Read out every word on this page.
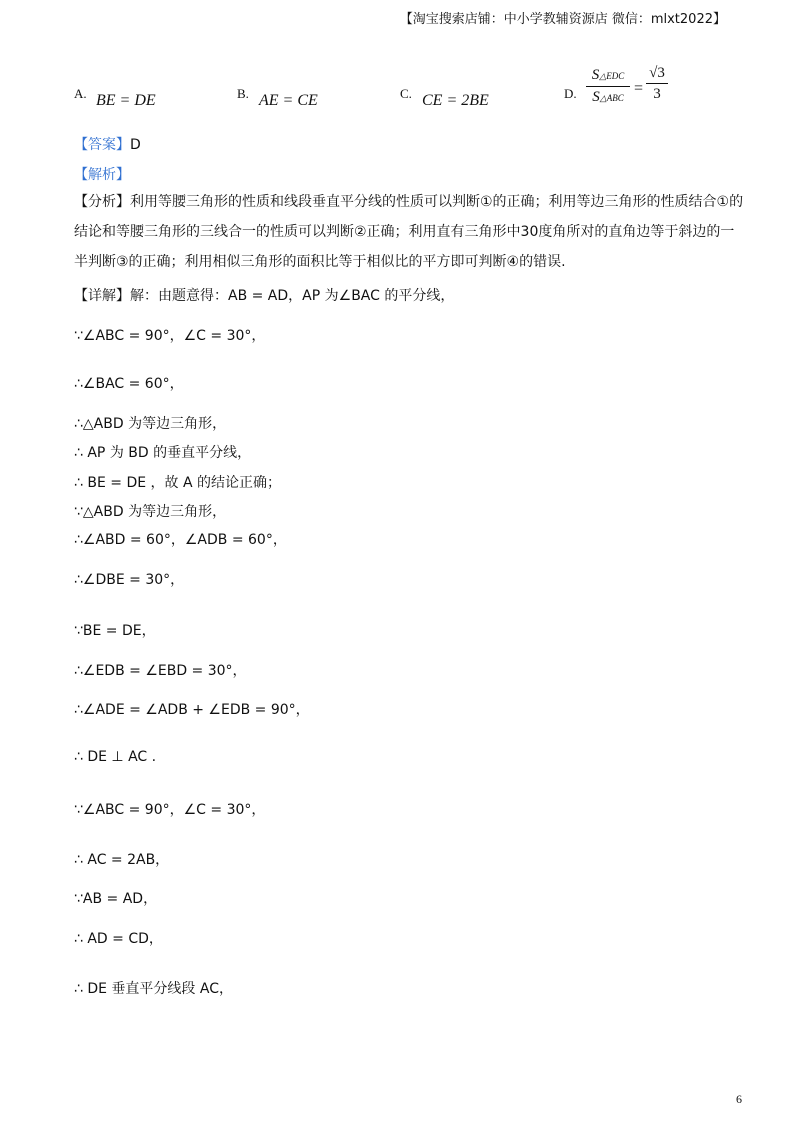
【淘宝搜索店铺：中小学教辅资源店 微信：mlxt2022】
A. BE = DE	B. AE = CE	C. CE = 2BE	D.
S△EDC
S△ABC
=
√3
3
【答案】D
【解析】
【分析】利用等腰三角形的性质和线段垂直平分线的性质可以判断①的正确；利用等边三角形的性质结合①的结论和等腰三角形的三线合一的性质可以判断②正确；利用直有三角形中30度角所对的直角边等于斜边的一半判断③的正确；利用相似三角形的面积比等于相似比的平方即可判断④的错误.
【详解】解：由题意得：AB = AD，AP 为∠BAC 的平分线，
∵∠ABC = 90°，∠C = 30°，
∴∠BAC = 60°，
∴△ABD 为等边三角形，
∴ AP 为 BD 的垂直平分线，
∴ BE = DE ，故 A 的结论正确；
∵△ABD 为等边三角形，
∴∠ABD = 60°，∠ADB = 60°，
∴∠DBE = 30°，
∵BE = DE，
∴∠EDB = ∠EBD = 30°，
∴∠ADE = ∠ADB + ∠EDB = 90°，
∴ DE ⊥ AC .
∵∠ABC = 90°，∠C = 30°，
∴ AC = 2AB，
∵AB = AD，
∴ AD = CD，
∴ DE 垂直平分线段 AC，
6
